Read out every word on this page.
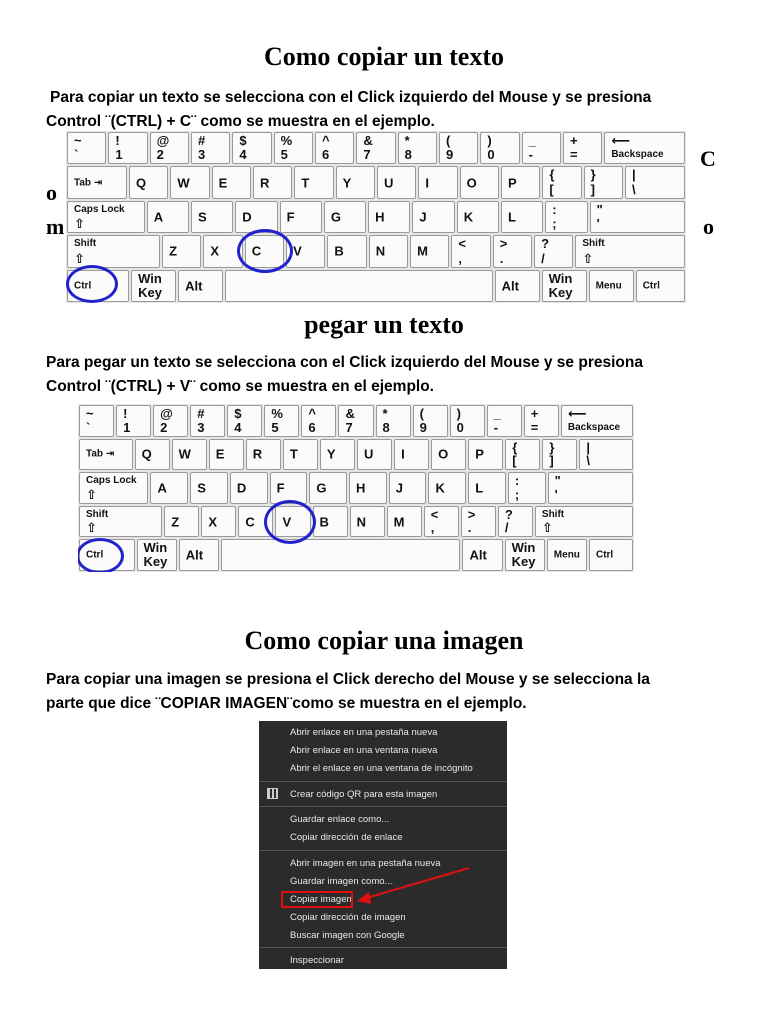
Como copiar un texto
Para copiar un texto se selecciona con el Click izquierdo del Mouse y se presiona
Control ¨(CTRL) + C¨ como se muestra en el ejemplo.
C
o
m	o
~
`
!
1
@
2
#
3
$
4
%
5
^
6
&
7
*
8
(
9
)
0
_
-
+
=
⟵
Backspace
Tab ⇥	Q W E	R T	Y	U I	O P
{
[
}
]
|
\
Caps Lock
⇧	A	S	D	F	G	H	J	K	L
:
;
"
'
Shift
⇧	Z	X	C V	B N M
<
,
>
.
?
/
Shift
⇧
Ctrl
Win
Key Alt	Alt
Win
Key Menu Ctrl
pegar un texto
Para pegar un texto se selecciona con el Click izquierdo del Mouse y se presiona
Control ¨(CTRL) + V¨ como se muestra en el ejemplo.
~
`
!
1
@
2
#
3
$
4
%
5
^
6
&
7
*
8
(
9
)
0
_
-
+
=
⟵
Backspace
Tab ⇥ Q W E R T Y U I	O P {
[
}
]
|
\
Caps Lock
⇧	A S D F G H J K L :
;
"
'
Shift
⇧	Z X C V B N M <
,
>
.
?
/
Shift
⇧
Ctrl	Win
Key Alt	Alt Win
Key Menu Ctrl
Como copiar una imagen
Para copiar una imagen se presiona el Click derecho del Mouse y se selecciona la
parte que dice ¨COPIAR IMAGEN¨como se muestra en el ejemplo.
Abrir enlace en una pestaña nueva
Abrir enlace en una ventana nueva
Abrir el enlace en una ventana de incógnito
Crear código QR para esta imagen
Guardar enlace como...
Copiar dirección de enlace
Abrir imagen en una pestaña nueva
Guardar imagen como...
Copiar imagen
Copiar dirección de imagen
Buscar imagen con Google
Inspeccionar
